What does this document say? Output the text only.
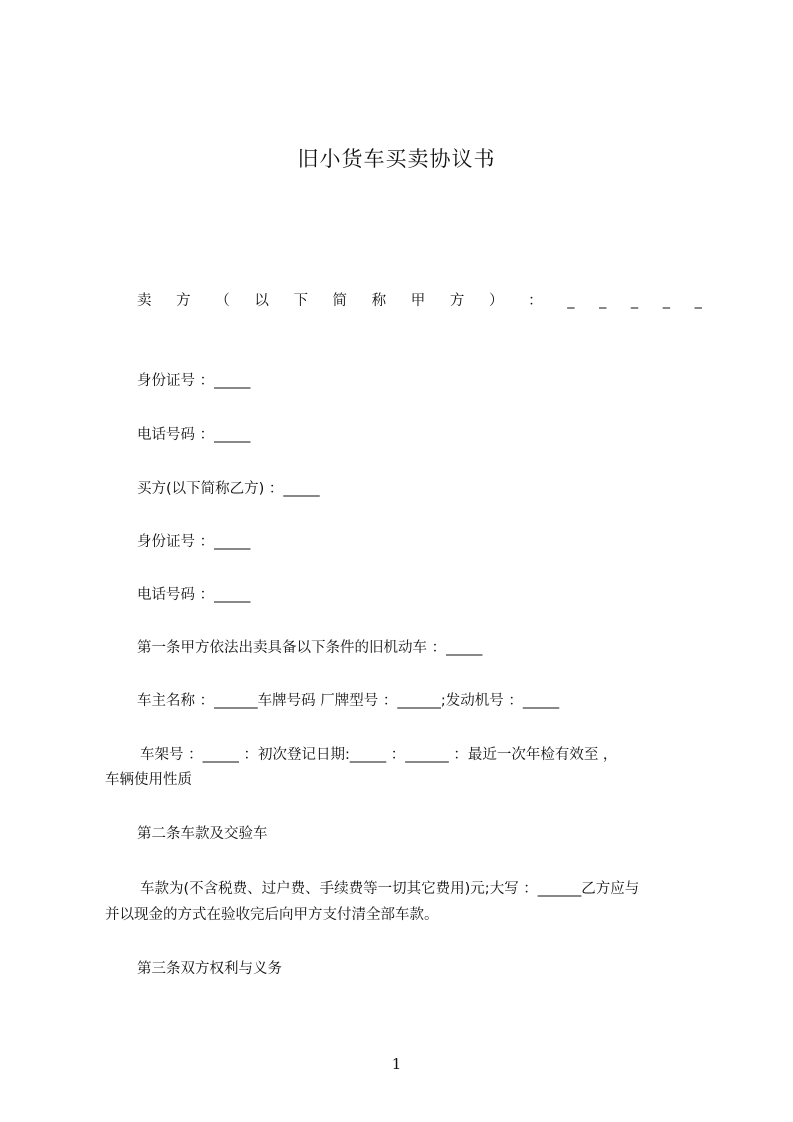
旧小货车买卖协议书
卖 方 （ 以 下 简 称 甲 方 ） ： _ _ _ _ _

身份证号 ：_____

电话号码 ：_____

买方(以下简称乙方) ：_____

身份证号 ：_____

电话号码 ：_____

第一条甲方依法出卖具备以下条件的旧机动车 ：_____

车主名称 ：______车牌号码 厂牌型号 ：______;发动机号 ：_____

车架号 ：_____ ：初次登记日期:_____ ：______ ：最近一次年检有效至 ，

车辆使用性质

第二条车款及交验车

车款为(不含税费、过户费、手续费等一切其它费用)元;大写 ：______乙方应与

并以现金的方式在验收完后向甲方支付清全部车款。

第三条双方权利与义务

1
